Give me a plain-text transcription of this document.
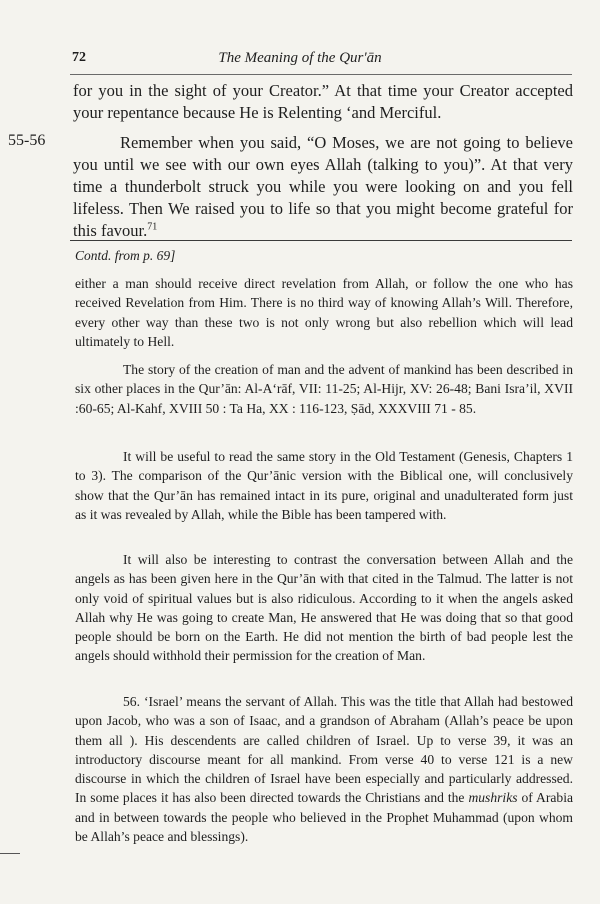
72	The Meaning of the Qur'ān

for you in the sight of your Creator.” At that time your Creator accepted your repentance because He is Relenting ‘and Merciful.

55-56	Remember when you said, “O Moses, we are not going to believe you until we see with our own eyes Allah (talking to you)”. At that very time a thunderbolt struck you while you were looking on and you fell lifeless. Then We raised you to life so that you might become grateful for this favour.$^{71}$

Contd. from p. 69]

either a man should receive direct revelation from Allah, or follow the one who has received Revelation from Him. There is no third way of knowing Allah’s Will. Therefore, every other way than these two is not only wrong but also rebellion which will lead ultimately to Hell.

The story of the creation of man and the advent of mankind has been described in six other places in the Qur’ān: Al-A‘rāf, VII: 11-25; Al-Hijr, XV: 26-48; Bani Isra’il, XVII :60-65; Al-Kahf, XVIII 50 : Ta Ha, XX : 116-123, Ṣād, XXXVIII 71 - 85.

It will be useful to read the same story in the Old Testament (Genesis, Chapters 1 to 3). The comparison of the Qur’ānic version with the Biblical one, will conclusively show that the Qur’ān has remained intact in its pure, original and unadulterated form just as it was revealed by Allah, while the Bible has been tampered with.

It will also be interesting to contrast the conversation between Allah and the angels as has been given here in the Qur’ān with that cited in the Talmud. The latter is not only void of spiritual values but is also ridiculous. According to it when the angels asked Allah why He was going to create Man, He answered that He was doing that so that good people should be born on the Earth. He did not mention the birth of bad people lest the angels should withhold their permission for the creation of Man.

56. ‘Israel’ means the servant of Allah. This was the title that Allah had bestowed upon Jacob, who was a son of Isaac, and a grandson of Abraham (Allah’s peace be upon them all ). His descendents are called children of Israel. Up to verse 39, it was an introductory discourse meant for all mankind. From verse 40 to verse 121 is a new discourse in which the children of Israel have been especially and particularly addressed. In some places it has also been directed towards the Christians and the mushriks of Arabia and in between towards the people who believed in the Prophet Muhammad (upon whom be Allah’s peace and blessings).
